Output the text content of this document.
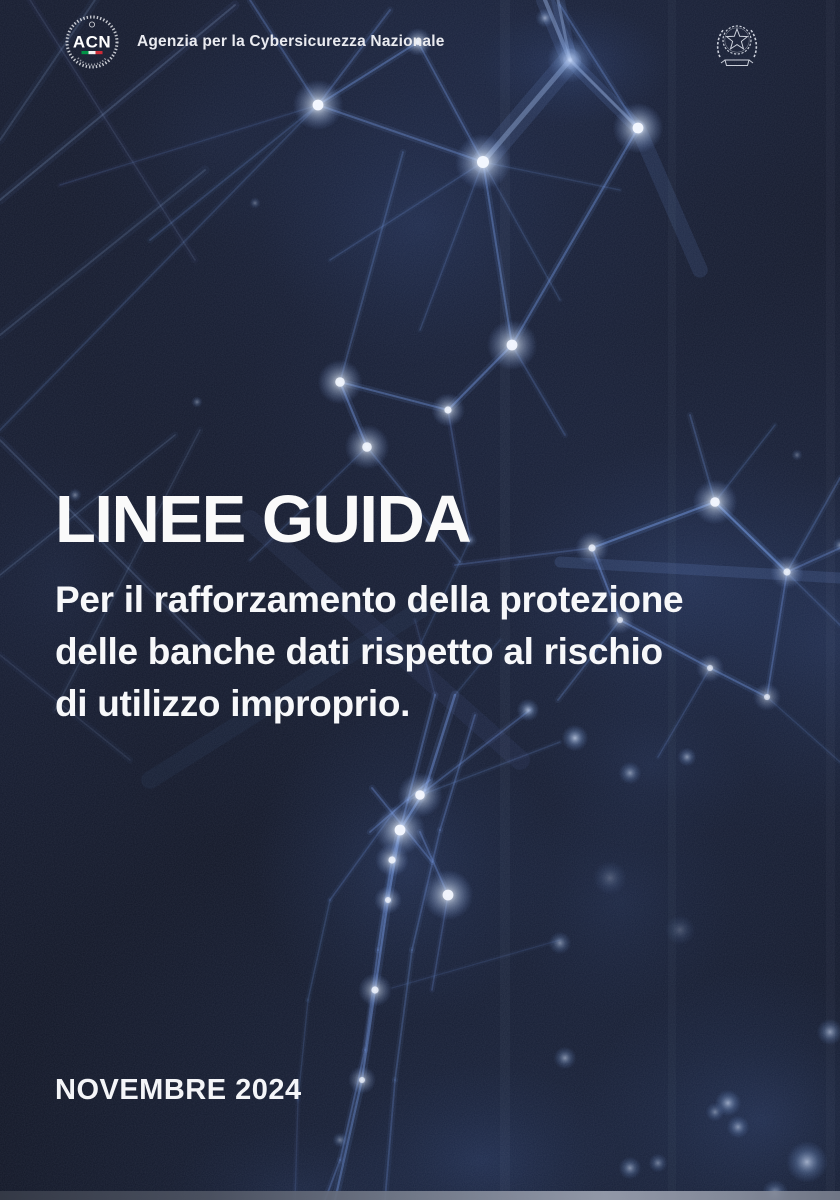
ACN Agenzia per la Cybersicurezza Nazionale
LINEE GUIDA
Per il rafforzamento della protezione
delle banche dati rispetto al rischio
di utilizzo improprio.
NOVEMBRE 2024
